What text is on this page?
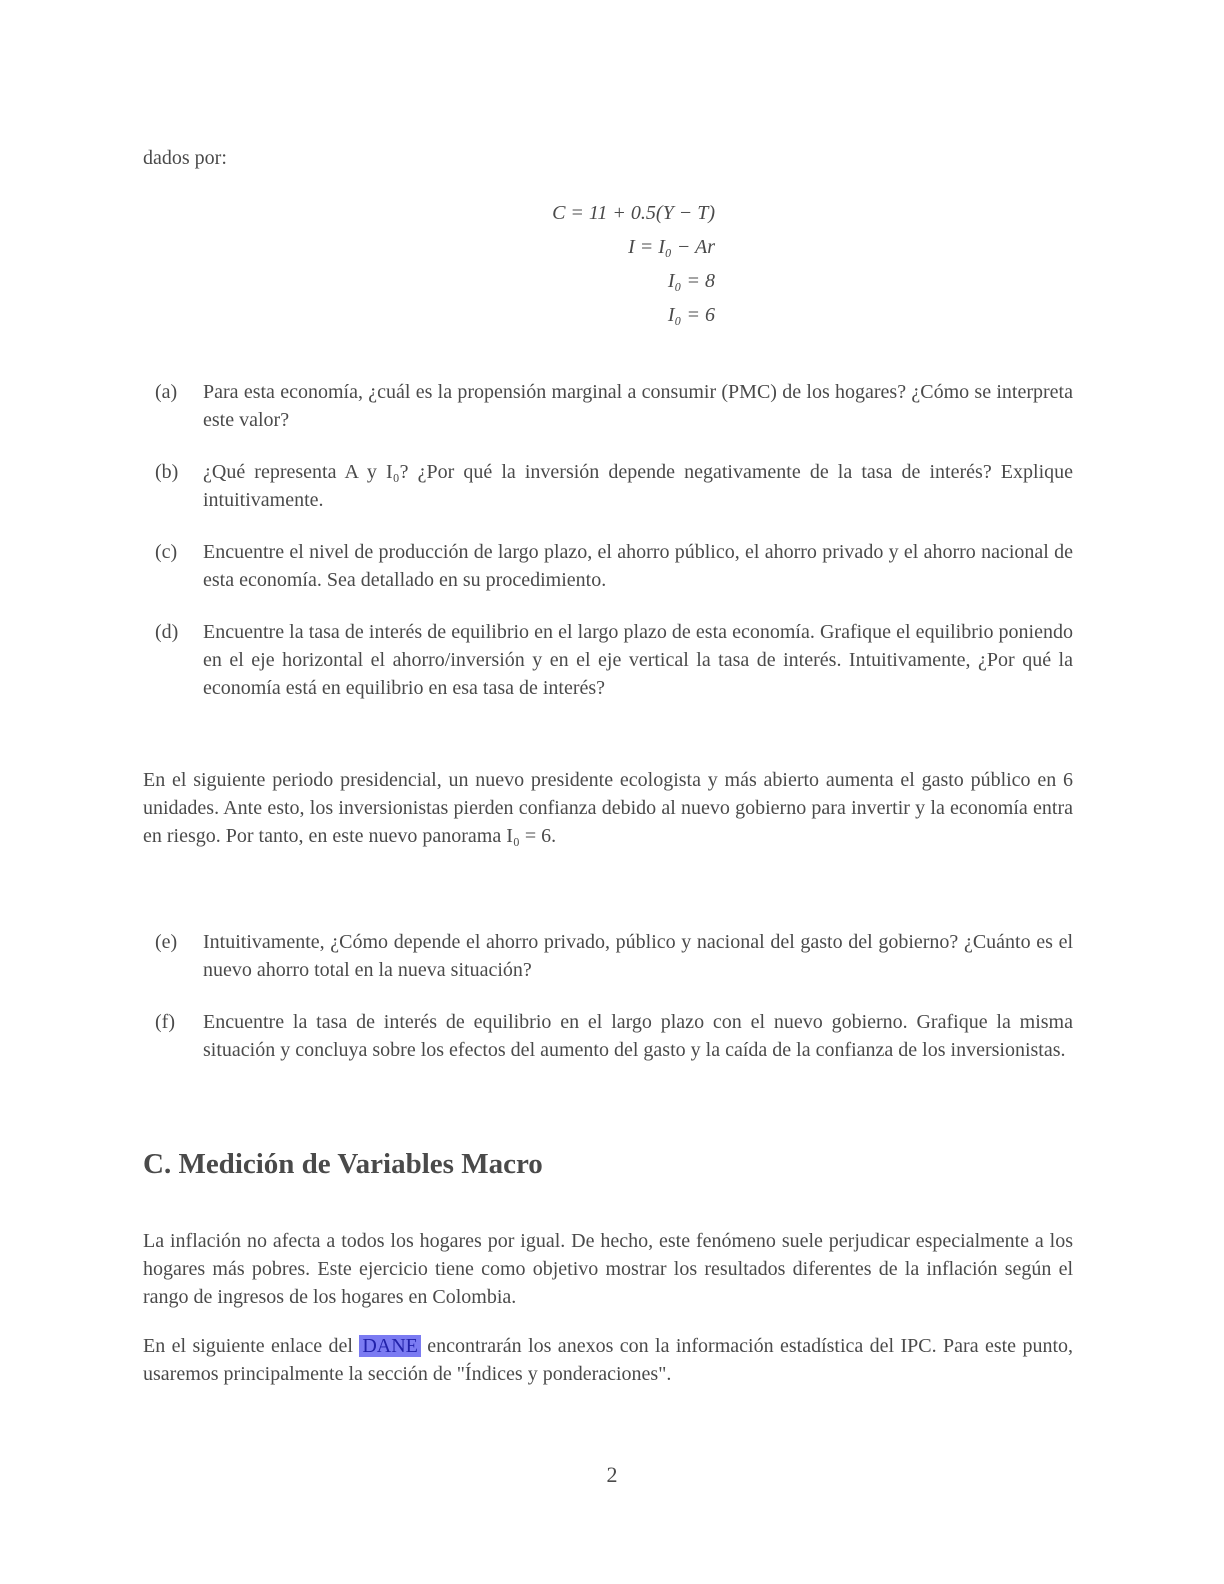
dados por:
C = 11 + 0.5(Y − T)
I = I₀ − Ar
I₀ = 8
I₀ = 6

(a)	Para esta economía, ¿cuál es la propensión marginal a consumir (PMC) de los hogares? ¿Cómo se interpreta este valor?

(b)	¿Qué representa A y I₀? ¿Por qué la inversión depende negativamente de la tasa de interés? Explique intuitivamente.

(c)	Encuentre el nivel de producción de largo plazo, el ahorro público, el ahorro privado y el ahorro nacional de esta economía. Sea detallado en su procedimiento.

(d)	Encuentre la tasa de interés de equilibrio en el largo plazo de esta economía. Grafique el equilibrio poniendo en el eje horizontal el ahorro/inversión y en el eje vertical la tasa de interés. Intuitivamente, ¿Por qué la economía está en equilibrio en esa tasa de interés?

En el siguiente periodo presidencial, un nuevo presidente ecologista y más abierto aumenta el gasto público en 6 unidades. Ante esto, los inversionistas pierden confianza debido al nuevo gobierno para invertir y la economía entra en riesgo. Por tanto, en este nuevo panorama I₀ = 6.

(e)	Intuitivamente, ¿Cómo depende el ahorro privado, público y nacional del gasto del gobierno? ¿Cuánto es el nuevo ahorro total en la nueva situación?

(f)	Encuentre la tasa de interés de equilibrio en el largo plazo con el nuevo gobierno. Grafique la misma situación y concluya sobre los efectos del aumento del gasto y la caída de la confianza de los inversionistas.

C. Medición de Variables Macro

La inflación no afecta a todos los hogares por igual. De hecho, este fenómeno suele perjudicar especialmente a los hogares más pobres. Este ejercicio tiene como objetivo mostrar los resultados diferentes de la inflación según el rango de ingresos de los hogares en Colombia.

En el siguiente enlace del DANE encontrarán los anexos con la información estadística del IPC. Para este punto, usaremos principalmente la sección de "Índices y ponderaciones".

2
